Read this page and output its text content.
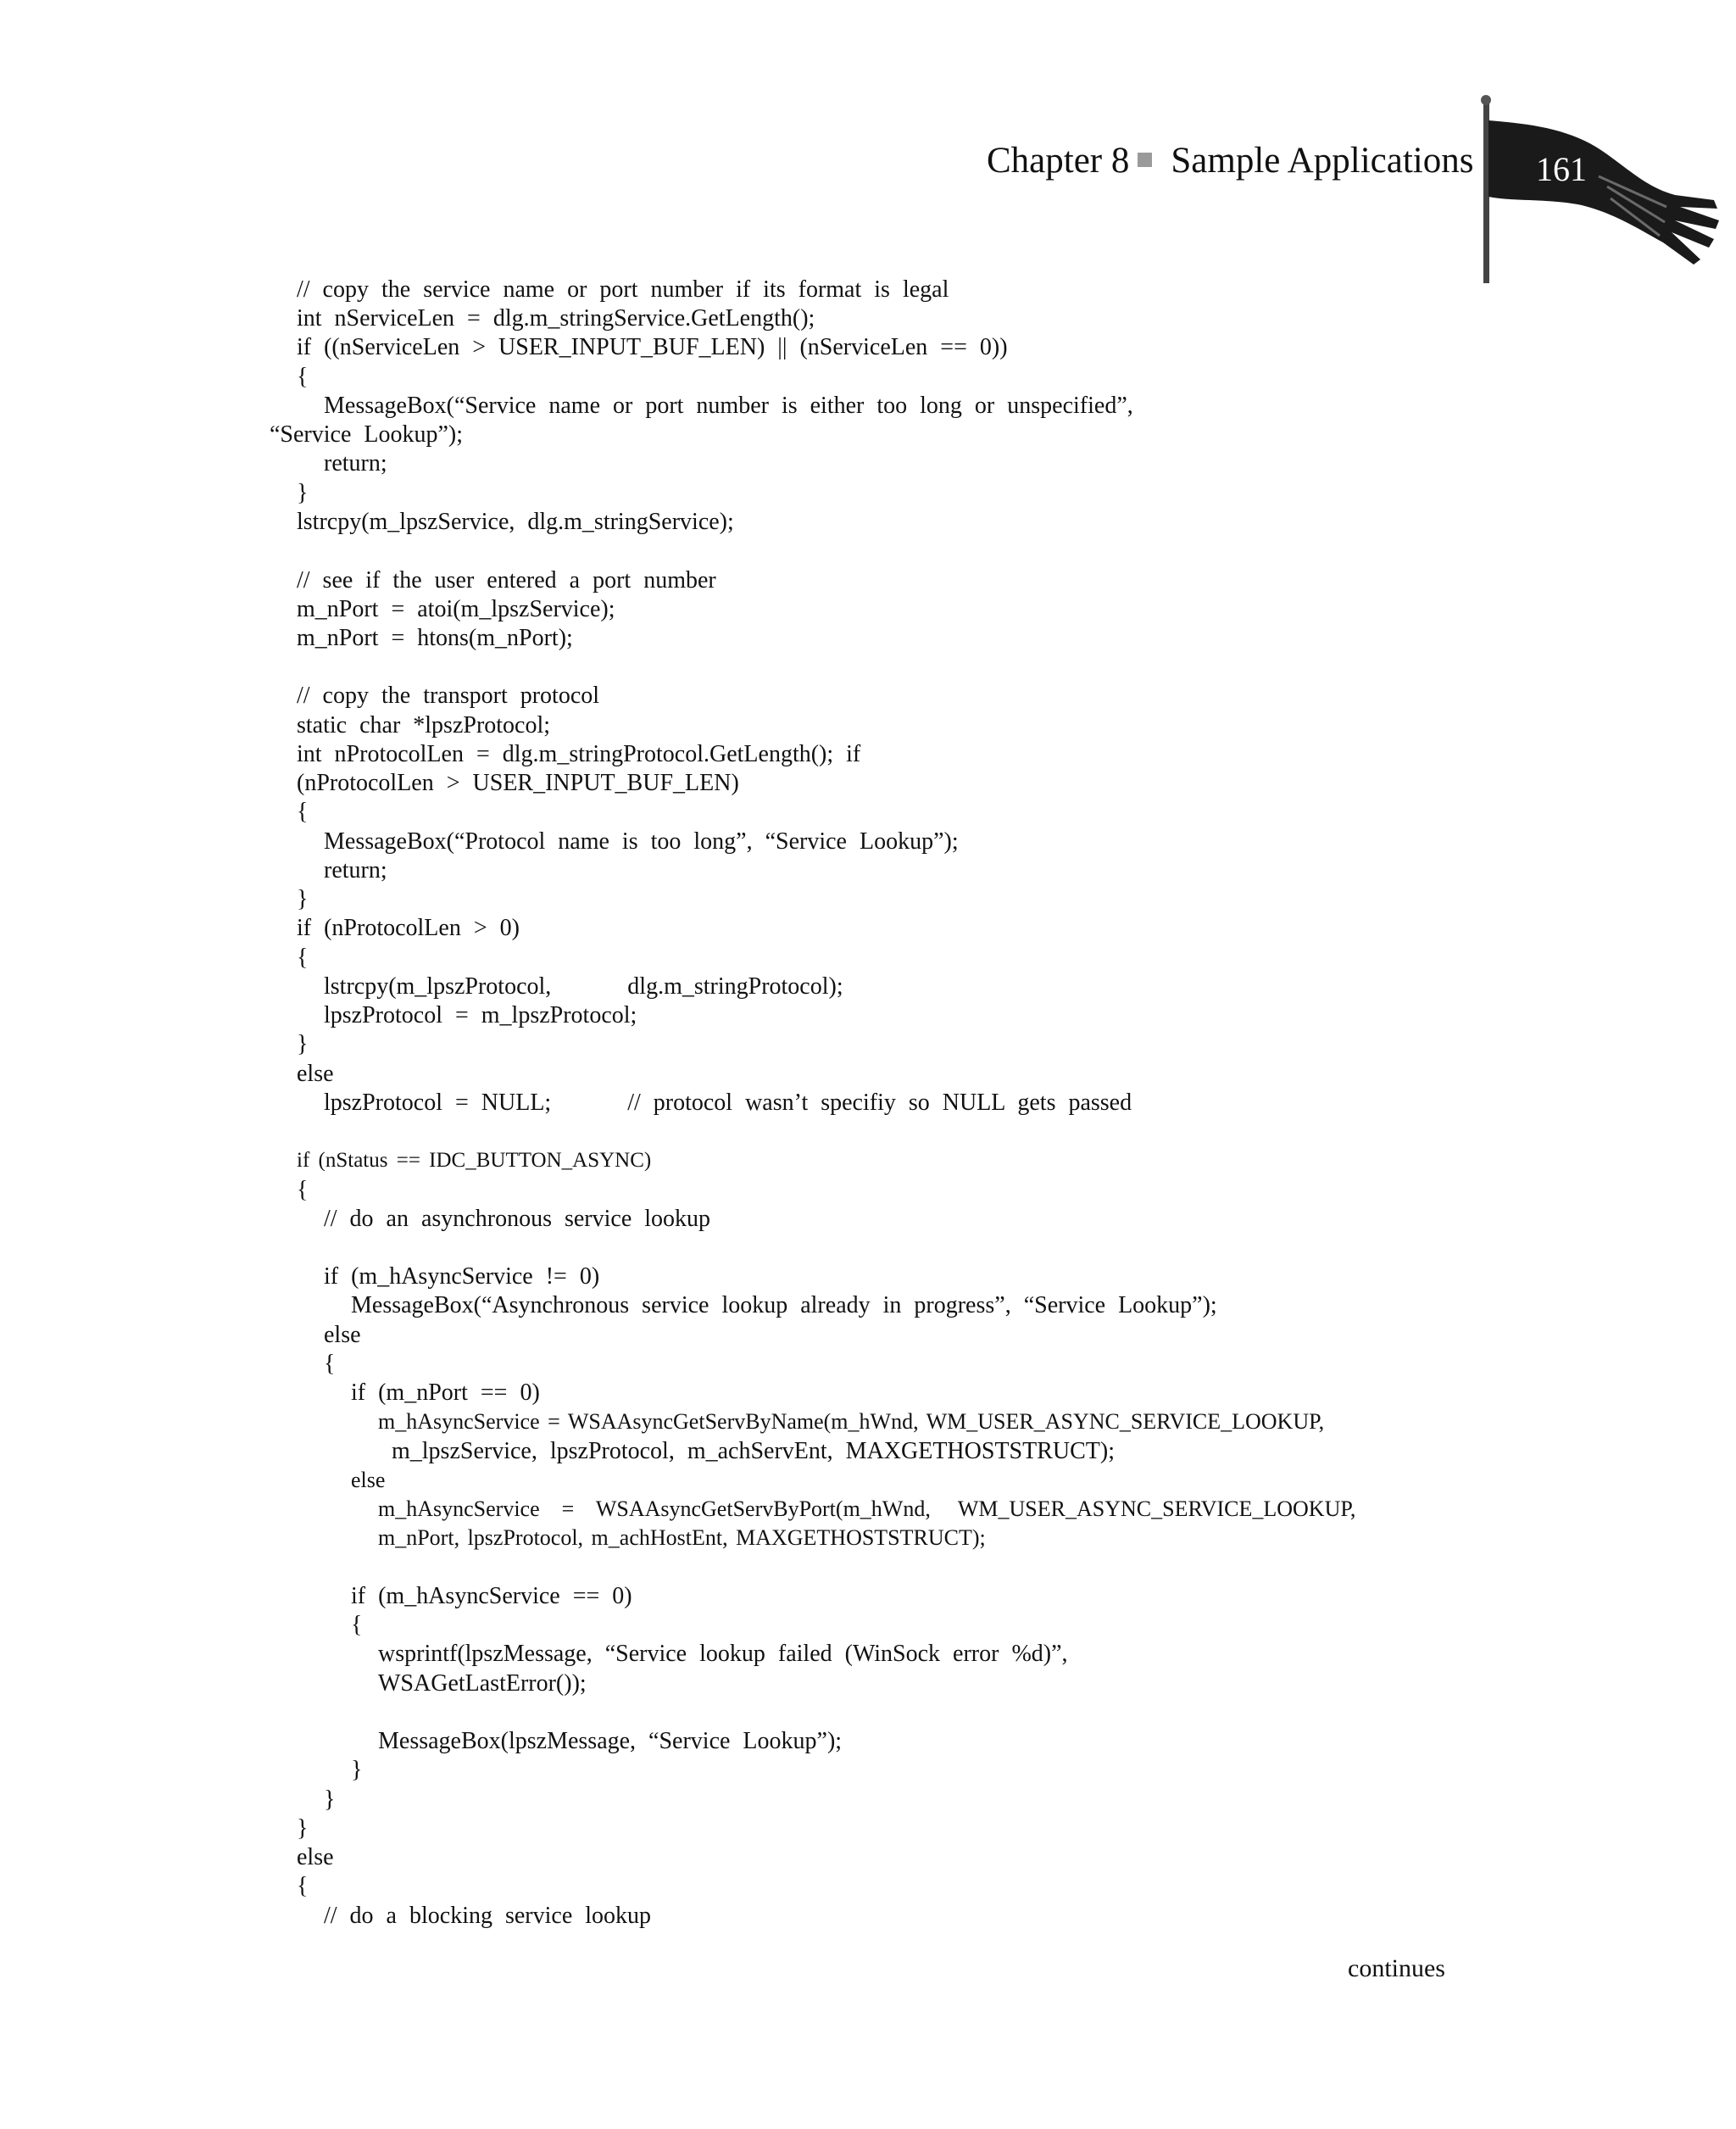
Chapter 8 Sample Applications	161
// copy the service name or port number if its format is legal
int nServiceLen = dlg.m_stringService.GetLength();
if ((nServiceLen > USER_INPUT_BUF_LEN) || (nServiceLen == 0))
{
MessageBox(“Service name or port number is either too long or unspecified”,
“Service Lookup”);
return;
}
lstrcpy(m_lpszService, dlg.m_stringService);
// see if the user entered a port number
m_nPort = atoi(m_lpszService);
m_nPort = htons(m_nPort);
// copy the transport protocol
static char *lpszProtocol;
int nProtocolLen = dlg.m_stringProtocol.GetLength(); if
(nProtocolLen > USER_INPUT_BUF_LEN)
{
MessageBox(“Protocol name is too long”, “Service Lookup”);
return;
}
if (nProtocolLen > 0)
{
lstrcpy(m_lpszProtocol,      dlg.m_stringProtocol);
lpszProtocol = m_lpszProtocol;
}
else
lpszProtocol = NULL;      // protocol wasn’t specifiy so NULL gets passed
if (nStatus == IDC_BUTTON_ASYNC)
{
// do an asynchronous service lookup
if (m_hAsyncService != 0)
MessageBox(“Asynchronous service lookup already in progress”, “Service Lookup”);
else
{
if (m_nPort == 0)
m_hAsyncService = WSAAsyncGetServByName(m_hWnd, WM_USER_ASYNC_SERVICE_LOOKUP,
m_lpszService, lpszProtocol, m_achServEnt, MAXGETHOSTSTRUCT);
else
m_hAsyncService    =    WSAAsyncGetServByPort(m_hWnd,     WM_USER_ASYNC_SERVICE_LOOKUP,
m_nPort, lpszProtocol, m_achHostEnt, MAXGETHOSTSTRUCT);
if (m_hAsyncService == 0)
{
wsprintf(lpszMessage, “Service lookup failed (WinSock error %d)”,
WSAGetLastError());
MessageBox(lpszMessage, “Service Lookup”);
}
}
}
else
{
// do a blocking service lookup
continues
